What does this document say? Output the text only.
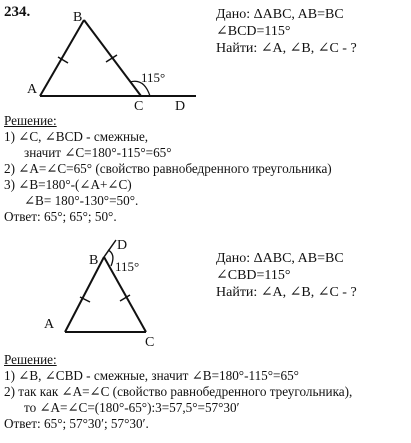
234.	B
A
C D
115°
D
B
A
C
115°
Дано: ΔABC, AB=BC
∠BCD=115°
Найти: ∠A, ∠B, ∠C - ?
Решение:
1) ∠C, ∠BCD - смежные,
значит ∠C=180°-115°=65°
2) ∠A=∠C=65° (свойство равнобедренного треугольника)
3) ∠B=180°-(∠A+∠C)
∠B= 180°-130°=50°.
Ответ: 65°; 65°; 50°.
Дано: ΔABC, AB=BC
∠CBD=115°
Найти: ∠A, ∠B, ∠C - ?
Решение:
1) ∠B, ∠CBD - смежные, значит ∠B=180°-115°=65°
2) так как ∠A=∠C (свойство равнобедренного треугольника),
то ∠A=∠C=(180°-65°):3=57,5°=57°30′
Ответ: 65°; 57°30′; 57°30′.
